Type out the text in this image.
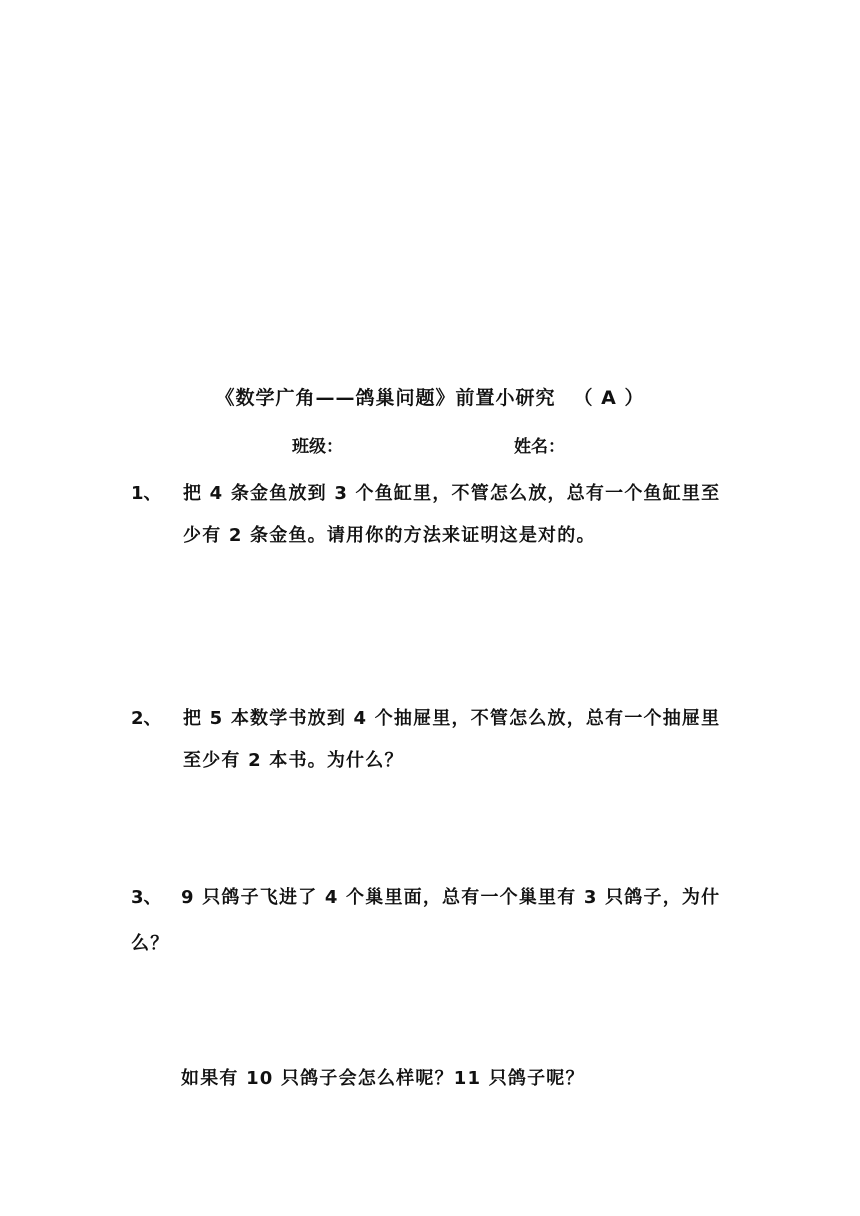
《数学广角——鸽巢问题》前置小研究 （ A ）
班级：	姓名：
1、 把 4 条金鱼放到 3 个鱼缸里，不管怎么放，总有一个鱼缸里至
少有 2 条金鱼。请用你的方法来证明这是对的。
2、 把 5 本数学书放到 4 个抽屉里，不管怎么放，总有一个抽屉里
至少有 2 本书。为什么？
3、 9 只鸽子飞进了 4 个巢里面，总有一个巢里有 3 只鸽子，为什
么？
如果有 10 只鸽子会怎么样呢？11 只鸽子呢？
